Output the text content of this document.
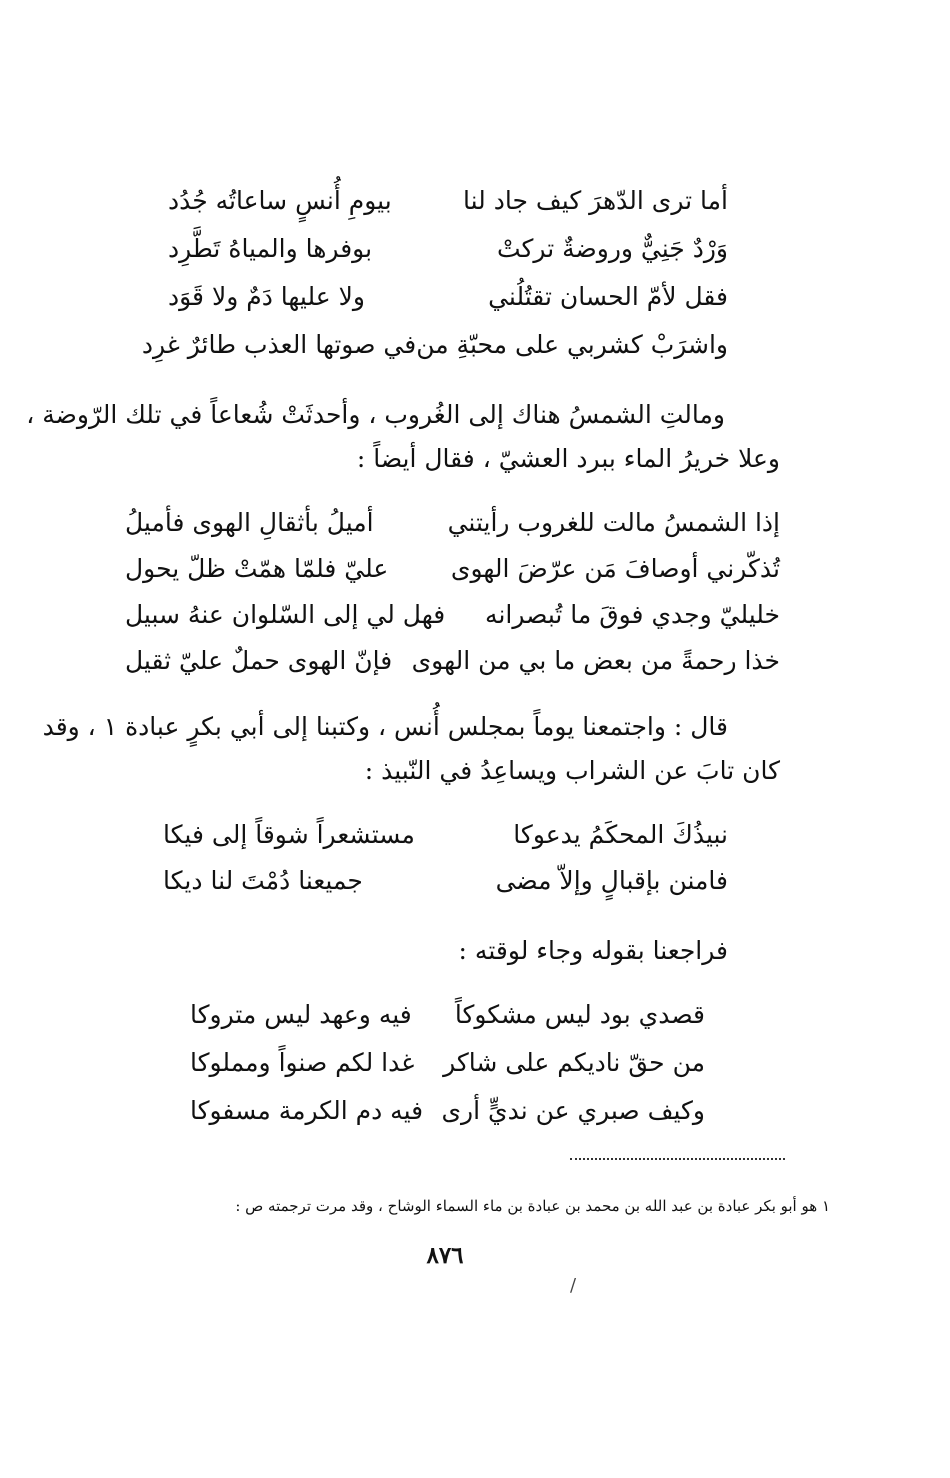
أما ترى الدّهرَ كيف جاد لنا
بيومِ أُنسٍ ساعاتُه جُدُد
وَرْدٌ جَنِيٌّ وروضةٌ تركتْ
بوفرها والمياهُ تَطَّرِد
فقل لأمّ الحسان تقتُلُني
ولا عليها دَمٌ ولا قَوَد
واشرَبْ كشربي على محبّةِ من
في صوتها العذب طائرٌ غرِد
ومالتِ الشمسُ هناك إلى الغُروب ، وأحدثَتْ شُعاعاً في تلك الرّوضة ،
وعلا خريرُ الماء ببرد العشيّ ، فقال أيضاً :
إذا الشمسُ مالت للغروب رأيتني
أميلُ بأثقالِ الهوى فأميلُ
تُذكّرني أوصافَ مَن عرّضَ الهوى
عليّ فلمّا همّتْ ظلّ يحول
خليليّ وجدي فوقَ ما تُبصرانه
فهل لي إلى السّلوان عنهُ سبيل
خذا رحمةً من بعض ما بي من الهوى
فإنّ الهوى حملٌ عليّ ثقيل
قال : واجتمعنا يوماً بمجلس أُنس ، وكتبنا إلى أبي بكرٍ عبادة ١ ، وقد
كان تابَ عن الشراب ويساعِدُ في النّبيذ :
نبيذُكَ المحكَمُ يدعوكا
مستشعراً شوقاً إلى فيكا
فامنن بإقبالٍ وإلاّ مضى
جميعنا دُمْتَ لنا ديكا
فراجعنا بقوله وجاء لوقته :
قصدي بود ليس مشكوكاً
فيه وعهد ليس متروكا
من حقّ ناديكم على شاكر
غدا لكم صنواً ومملوكا
وكيف صبري عن نديٍّ أرى
فيه دم الكرمة مسفوكا
١ هو أبو بكر عبادة بن عبد الله بن محمد بن عبادة بن ماء السماء الوشاح ، وقد مرت ترجمته ص :
٨٧٦
/
